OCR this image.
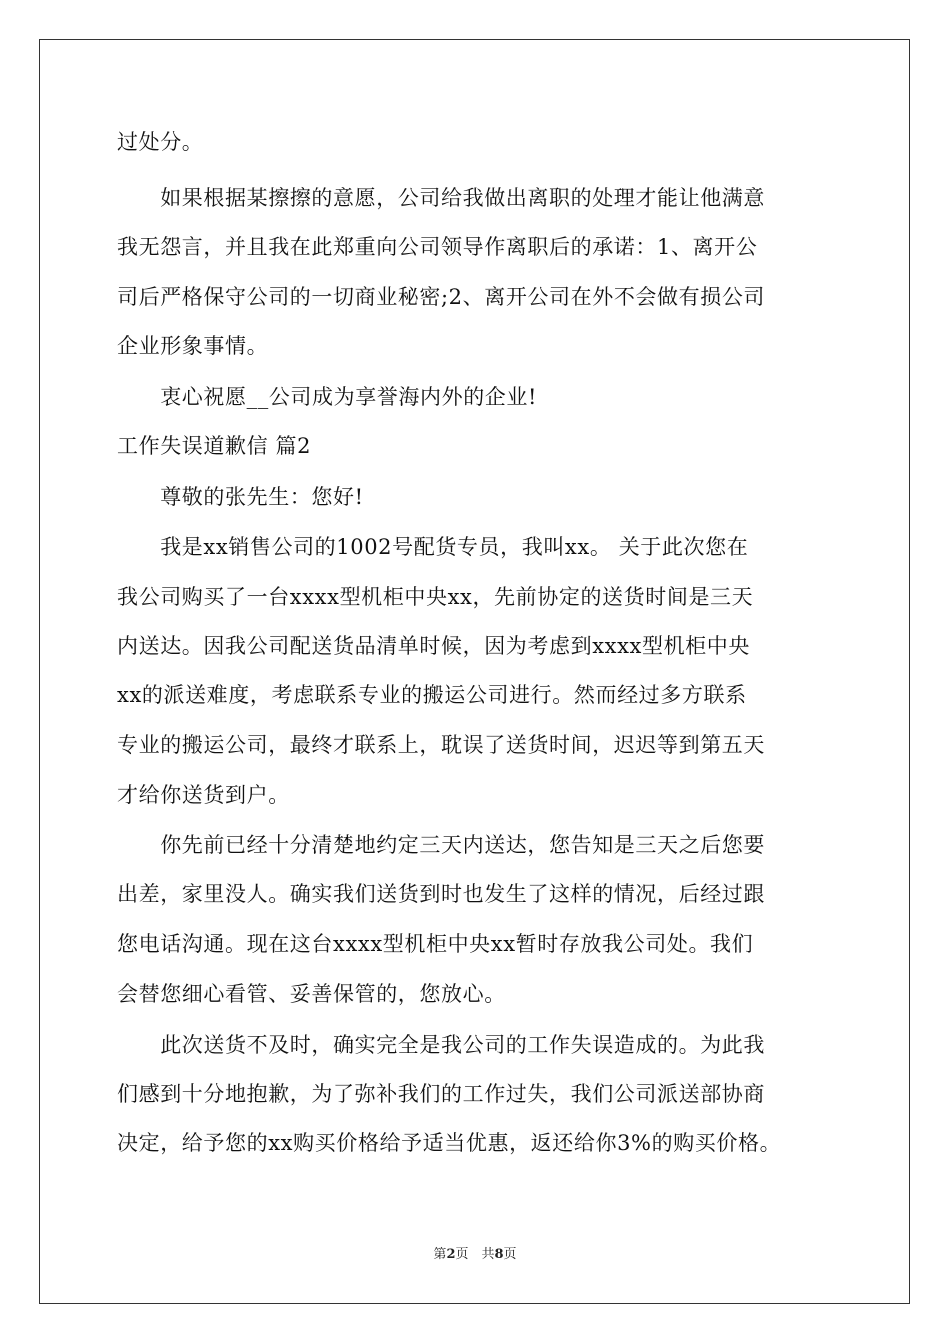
过处分。
　　如果根据某擦擦的意愿，公司给我做出离职的处理才能让他满意
我无怨言，并且我在此郑重向公司领导作离职后的承诺：1、离开公
司后严格保守公司的一切商业秘密;2、离开公司在外不会做有损公司
企业形象事情。
　　衷心祝愿__公司成为享誉海内外的企业!
工作失误道歉信 篇2
　　尊敬的张先生：您好!
　　我是xx销售公司的1002号配货专员，我叫xx。 关于此次您在
我公司购买了一台xxxx型机柜中央xx，先前协定的送货时间是三天
内送达。因我公司配送货品清单时候，因为考虑到xxxx型机柜中央
xx的派送难度，考虑联系专业的搬运公司进行。然而经过多方联系
专业的搬运公司，最终才联系上，耽误了送货时间，迟迟等到第五天
才给你送货到户。
　　你先前已经十分清楚地约定三天内送达，您告知是三天之后您要
出差，家里没人。确实我们送货到时也发生了这样的情况，后经过跟
您电话沟通。现在这台xxxx型机柜中央xx暂时存放我公司处。我们
会替您细心看管、妥善保管的，您放心。
　　此次送货不及时，确实完全是我公司的工作失误造成的。为此我
们感到十分地抱歉，为了弥补我们的工作过失，我们公司派送部协商
决定，给予您的xx购买价格给予适当优惠，返还给你3%的购买价格。
第2页　共8页
